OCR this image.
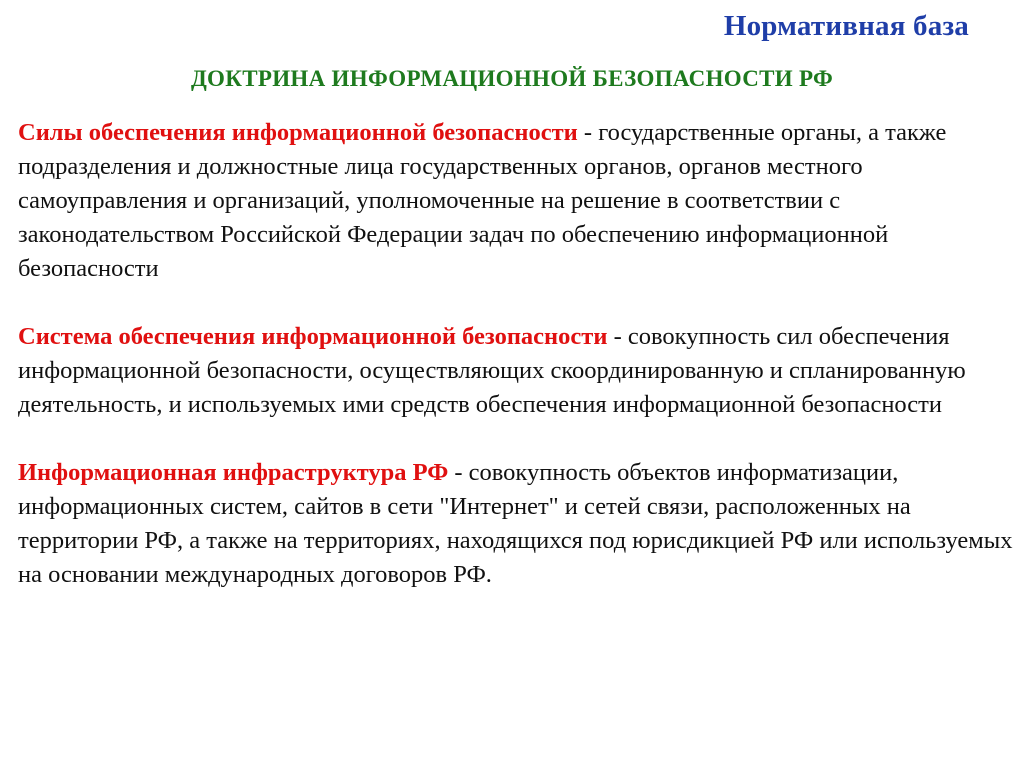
Нормативная база
ДОКТРИНА ИНФОРМАЦИОННОЙ БЕЗОПАСНОСТИ РФ

Силы обеспечения информационной безопасности - государственные органы, а также подразделения и должностные лица государственных органов, органов местного самоуправления и организаций, уполномоченные на решение в соответствии с законодательством Российской Федерации задач по обеспечению информационной безопасности

Система обеспечения информационной безопасности - совокупность сил обеспечения информационной безопасности, осуществляющих скоординированную и спланированную деятельность, и используемых ими средств обеспечения информационной безопасности

Информационная инфраструктура РФ - совокупность объектов информатизации, информационных систем, сайтов в сети "Интернет" и сетей связи, расположенных на территории РФ, а также на территориях, находящихся под юрисдикцией РФ или используемых на основании международных договоров РФ.
